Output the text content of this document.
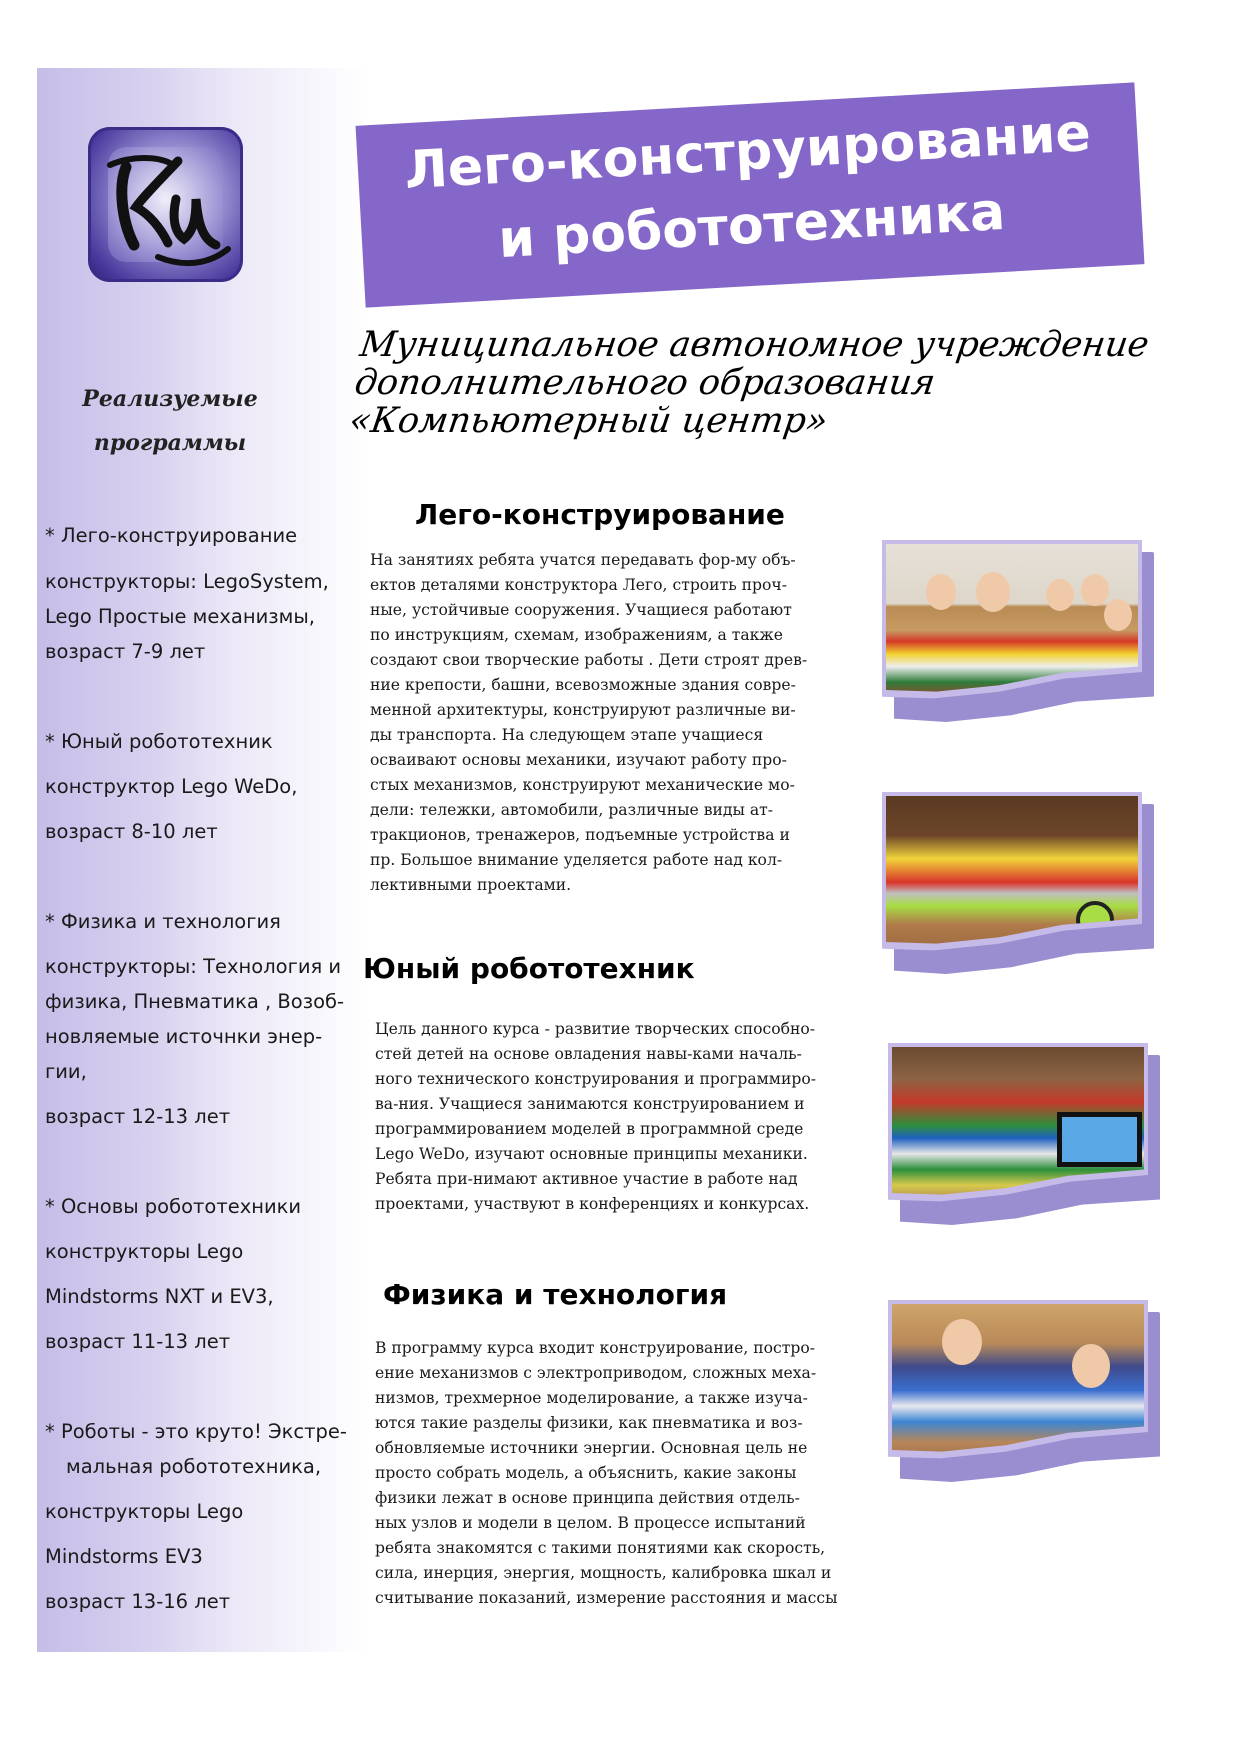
Реализуемые
программы
* Лего-конструирование
конструкторы: LegoSystem,
Lego Простые механизмы,
возраст 7-9 лет
* Юный робототехник
конструктор Lego WeDo,
возраст 8-10 лет
* Физика и технология
конструкторы: Технология и
физика, Пневматика , Возоб-
новляемые источнки энер-
гии,
возраст 12-13 лет
* Основы робототехники
конструкторы Lego
Mindstorms NXT и EV3,
возраст 11-13 лет
* Роботы - это круто! Экстре-
мальная робототехника,
конструкторы Lego
Mindstorms EV3
возраст 13-16 лет
Лего-конструирование
и робототехника
Муниципальное автономное учреждение
дополнительного образования
«Компьютерный центр»
Лего-конструирование
На занятиях ребята учатся передавать фор-му объ-
ектов деталями конструктора Лего, строить проч-
ные, устойчивые сооружения. Учащиеся работают
по инструкциям, схемам, изображениям, а также
создают свои творческие работы . Дети строят древ-
ние крепости, башни, всевозможные здания совре-
менной архитектуры, конструируют различные ви-
ды транспорта. На следующем этапе учащиеся
осваивают основы механики, изучают работу про-
стых механизмов, конструируют механические мо-
дели: тележки, автомобили, различные виды ат-
тракционов, тренажеров, подъемные устройства и
пр. Большое внимание уделяется работе над кол-
лективными проектами.
Юный робототехник
Цель данного курса - развитие творческих способно-
стей детей на основе овладения навы-ками началь-
ного технического конструирования и программиро-
ва-ния. Учащиеся занимаются конструированием и
программированием моделей в программной среде
Lego WeDo, изучают основные принципы механики.
Ребята при-нимают активное участие в работе над
проектами, участвуют в конференциях и конкурсах.
Физика и технология
В программу курса входит конструирование, постро-
ение механизмов с электроприводом, сложных меха-
низмов, трехмерное моделирование, а также изуча-
ются такие разделы физики, как пневматика и воз-
обновляемые источники энергии. Основная цель не
просто собрать модель, а объяснить, какие законы
физики лежат в основе принципа действия отдель-
ных узлов и модели в целом. В процессе испытаний
ребята знакомятся с такими понятиями как скорость,
сила, инерция, энергия, мощность, калибровка шкал и
считывание показаний, измерение расстояния и массы
